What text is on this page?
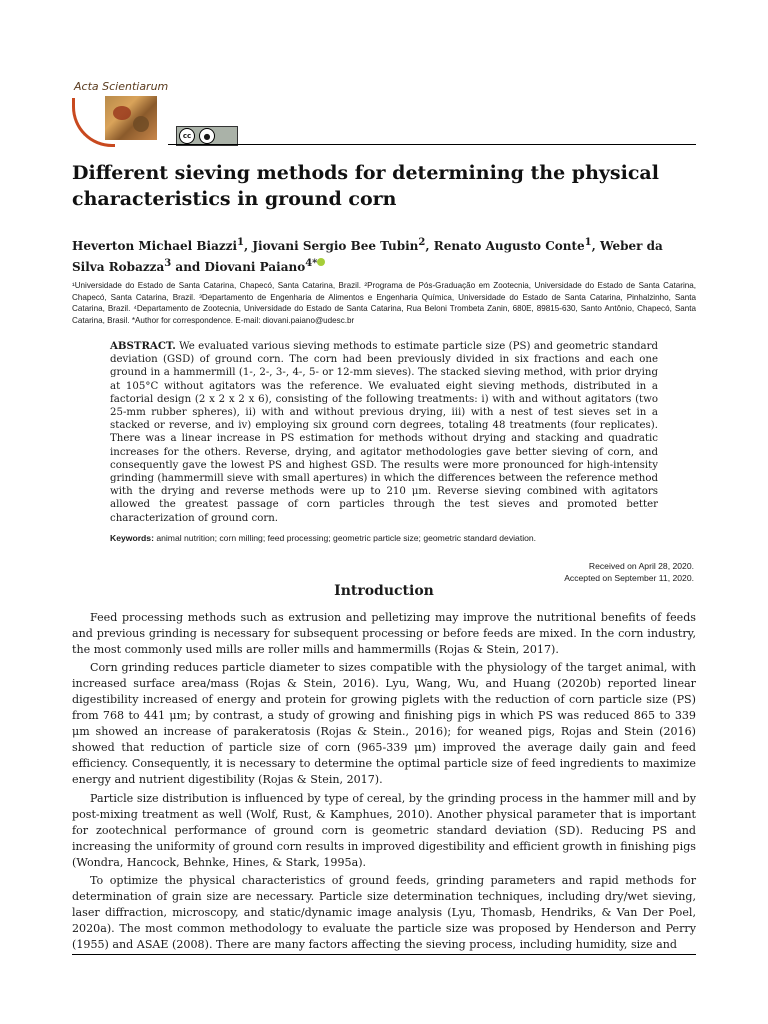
Acta Scientiarum
cc	●
Different sieving methods for determining the physical characteristics in ground corn
Heverton Michael Biazzi$^1$, Jiovani Sergio Bee Tubin$^2$, Renato Augusto Conte$^1$, Weber da Silva Robazza$^3$ and Diovani Paiano$^{4*}$
¹Universidade do Estado de Santa Catarina, Chapecó, Santa Catarina, Brazil. ²Programa de Pós-Graduação em Zootecnia, Universidade do Estado de Santa Catarina, Chapecó, Santa Catarina, Brazil. ³Departamento de Engenharia de Alimentos e Engenharia Química, Universidade do Estado de Santa Catarina, Pinhalzinho, Santa Catarina, Brazil. ⁴Departamento de Zootecnia, Universidade do Estado de Santa Catarina, Rua Beloni Trombeta Zanin, 680E, 89815-630, Santo Antônio, Chapecó, Santa Catarina, Brasil. *Author for correspondence. E-mail: diovani.paiano@udesc.br
ABSTRACT. We evaluated various sieving methods to estimate particle size (PS) and geometric standard deviation (GSD) of ground corn. The corn had been previously divided in six fractions and each one ground in a hammermill (1-, 2-, 3-, 4-, 5- or 12-mm sieves). The stacked sieving method, with prior drying at 105°C without agitators was the reference. We evaluated eight sieving methods, distributed in a factorial design (2 x 2 x 2 x 6), consisting of the following treatments: i) with and without agitators (two 25-mm rubber spheres), ii) with and without previous drying, iii) with a nest of test sieves set in a stacked or reverse, and iv) employing six ground corn degrees, totaling 48 treatments (four replicates). There was a linear increase in PS estimation for methods without drying and stacking and quadratic increases for the others. Reverse, drying, and agitator methodologies gave better sieving of corn, and consequently gave the lowest PS and highest GSD. The results were more pronounced for high-intensity grinding (hammermill sieve with small apertures) in which the differences between the reference method with the drying and reverse methods were up to 210 μm. Reverse sieving combined with agitators allowed the greatest passage of corn particles through the test sieves and promoted better characterization of ground corn.
Keywords: animal nutrition; corn milling; feed processing; geometric particle size; geometric standard deviation.
Received on April 28, 2020.
Accepted on September 11, 2020.
Introduction

Feed processing methods such as extrusion and pelletizing may improve the nutritional benefits of feeds and previous grinding is necessary for subsequent processing or before feeds are mixed. In the corn industry, the most commonly used mills are roller mills and hammermills (Rojas & Stein, 2017).

Corn grinding reduces particle diameter to sizes compatible with the physiology of the target animal, with increased surface area/mass (Rojas & Stein, 2016). Lyu, Wang, Wu, and Huang (2020b) reported linear digestibility increased of energy and protein for growing piglets with the reduction of corn particle size (PS) from 768 to 441 μm; by contrast, a study of growing and finishing pigs in which PS was reduced 865 to 339 μm showed an increase of parakeratosis (Rojas & Stein., 2016); for weaned pigs, Rojas and Stein (2016) showed that reduction of particle size of corn (965-339 μm) improved the average daily gain and feed efficiency. Consequently, it is necessary to determine the optimal particle size of feed ingredients to maximize energy and nutrient digestibility (Rojas & Stein, 2017).

Particle size distribution is influenced by type of cereal, by the grinding process in the hammer mill and by post-mixing treatment as well (Wolf, Rust, & Kamphues, 2010). Another physical parameter that is important for zootechnical performance of ground corn is geometric standard deviation (SD). Reducing PS and increasing the uniformity of ground corn results in improved digestibility and efficient growth in finishing pigs (Wondra, Hancock, Behnke, Hines, & Stark, 1995a).

To optimize the physical characteristics of ground feeds, grinding parameters and rapid methods for determination of grain size are necessary. Particle size determination techniques, including dry/wet sieving, laser diffraction, microscopy, and static/dynamic image analysis (Lyu, Thomasb, Hendriks, & Van Der Poel, 2020a). The most common methodology to evaluate the particle size was proposed by Henderson and Perry (1955) and ASAE (2008). There are many factors affecting the sieving process, including humidity, size and
